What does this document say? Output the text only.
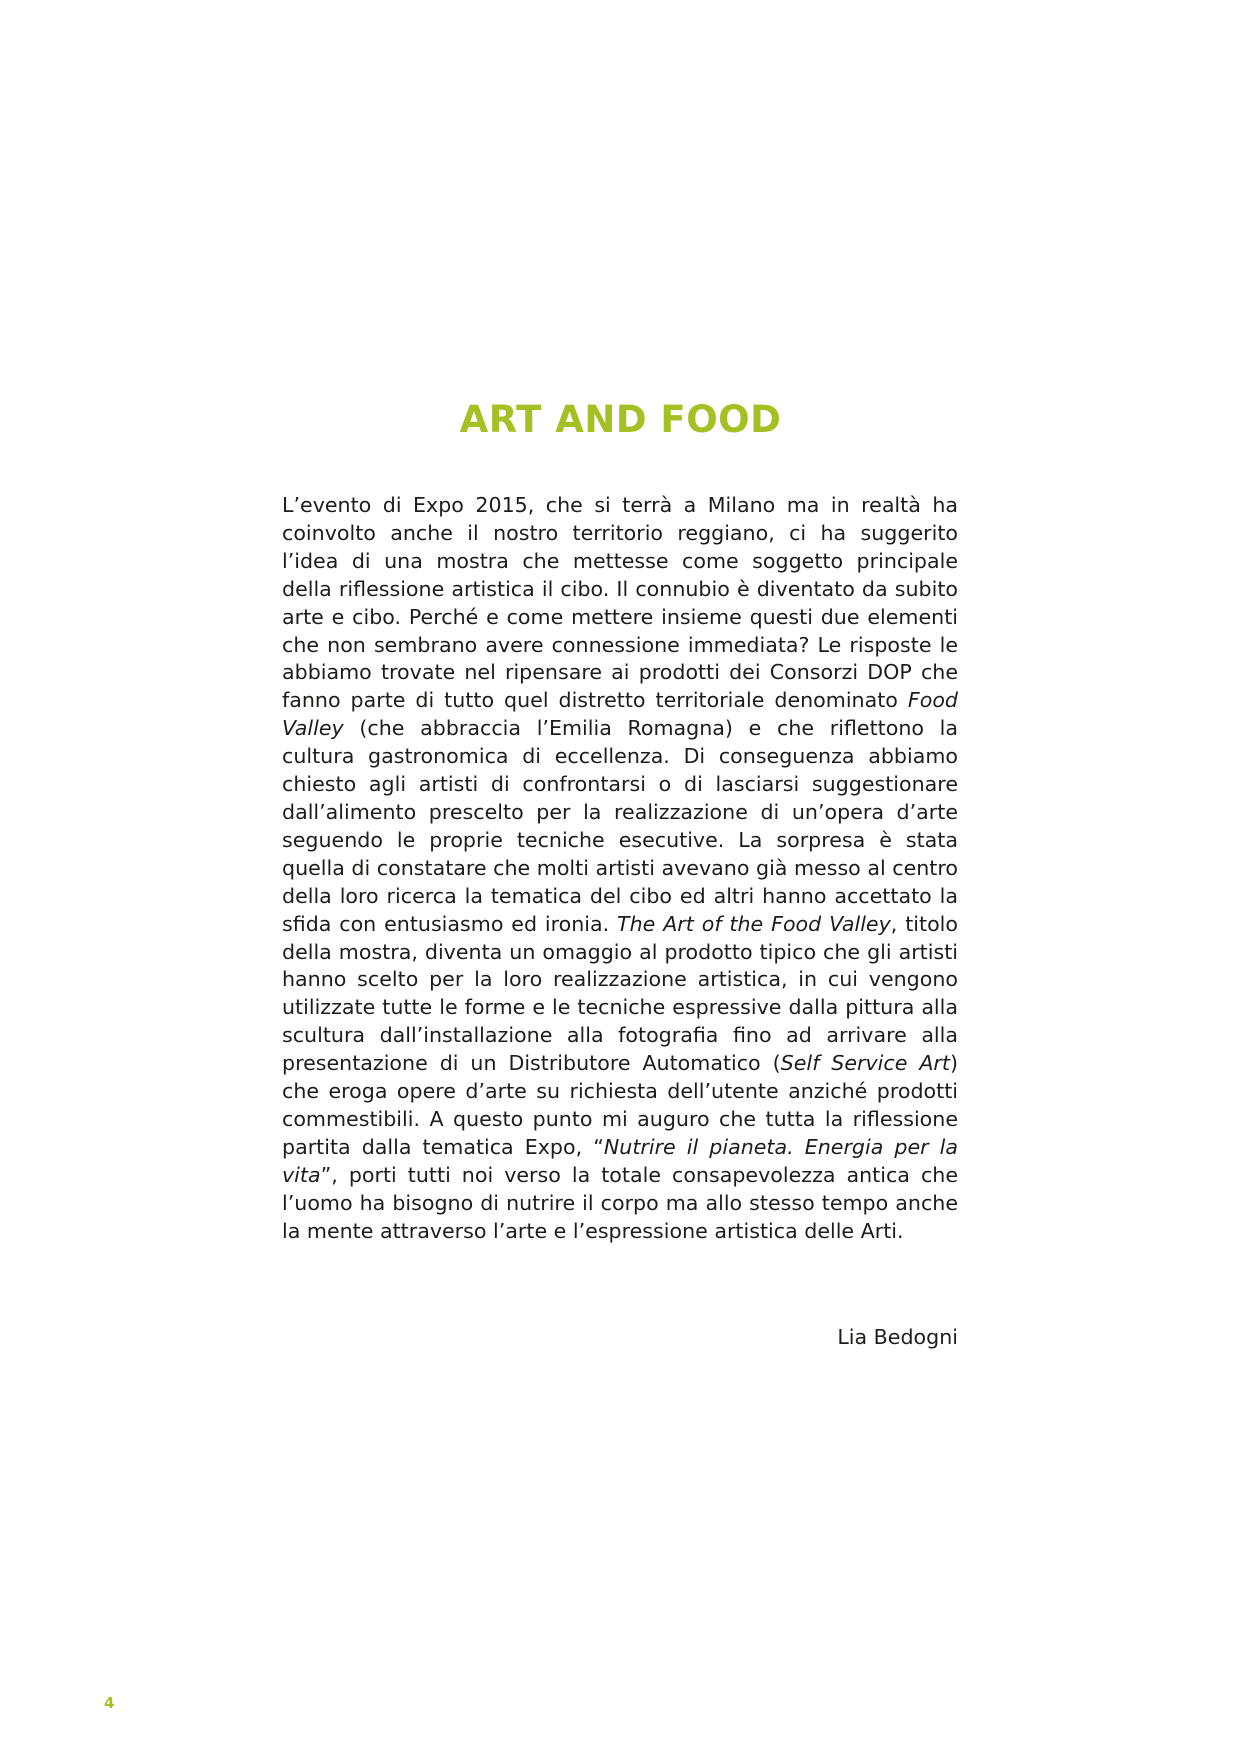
ART AND FOOD

L’evento di Expo 2015, che si terrà a Milano ma in realtà ha coinvolto anche il nostro territorio reggiano, ci ha suggerito l’idea di una mostra che mettesse come soggetto principale della riflessione artistica il cibo. Il connubio è diventato da subito arte e cibo. Perché e come mettere insieme questi due elementi che non sembrano avere connessione immediata? Le risposte le abbiamo trovate nel ripensare ai prodotti dei Consorzi DOP che fanno parte di tutto quel distretto territoriale denominato Food Valley (che abbraccia l’Emilia Romagna) e che riflettono la cultura gastronomica di eccellenza. Di conseguenza abbiamo chiesto agli artisti di confrontarsi o di lasciarsi suggestionare dall’alimento prescelto per la realizzazione di un’opera d’arte seguendo le proprie tecniche esecutive. La sorpresa è stata quella di constatare che molti artisti avevano già messo al centro della loro ricerca la tematica del cibo ed altri hanno accettato la sfida con entusiasmo ed ironia. The Art of the Food Valley, titolo della mostra, diventa un omaggio al prodotto tipico che gli artisti hanno scelto per la loro realizzazione artistica, in cui vengono utilizzate tutte le forme e le tecniche espressive dalla pittura alla scultura dall’installazione alla fotografia fino ad arrivare alla presentazione di un Distributore Automatico (Self Service Art) che eroga opere d’arte su richiesta dell’utente anziché prodotti commestibili. A questo punto mi auguro che tutta la riflessione partita dalla tematica Expo, “Nutrire il pianeta. Energia per la vita”, porti tutti noi verso la totale consapevolezza antica che l’uomo ha bisogno di nutrire il corpo ma allo stesso tempo anche la mente attraverso l’arte e l’espressione artistica delle Arti.

Lia Bedogni

4
